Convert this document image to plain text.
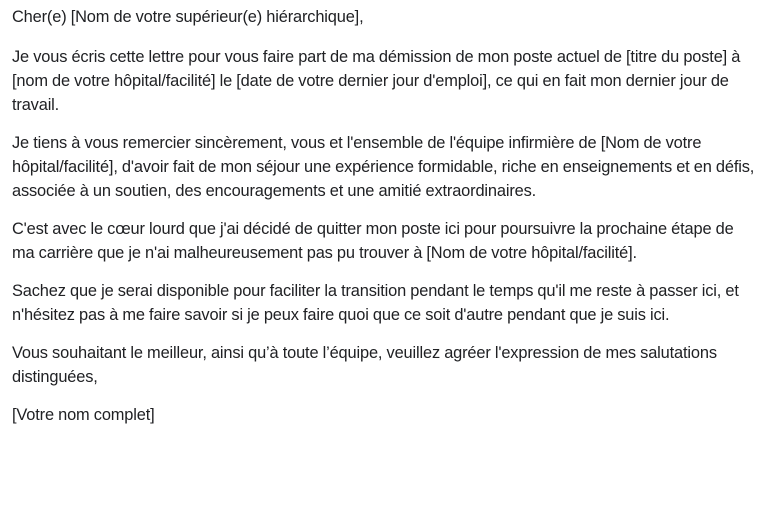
Cher(e) [Nom de votre supérieur(e) hiérarchique],

Je vous écris cette lettre pour vous faire part de ma démission de mon poste actuel de [titre du poste] à [nom de votre hôpital/facilité] le [date de votre dernier jour d'emploi], ce qui en fait mon dernier jour de travail.

Je tiens à vous remercier sincèrement, vous et l'ensemble de l'équipe infirmière de [Nom de votre hôpital/facilité], d'avoir fait de mon séjour une expérience formidable, riche en enseignements et en défis, associée à un soutien, des encouragements et une amitié extraordinaires.

C'est avec le cœur lourd que j'ai décidé de quitter mon poste ici pour poursuivre la prochaine étape de ma carrière que je n'ai malheureusement pas pu trouver à [Nom de votre hôpital/facilité].

Sachez que je serai disponible pour faciliter la transition pendant le temps qu'il me reste à passer ici, et n'hésitez pas à me faire savoir si je peux faire quoi que ce soit d'autre pendant que je suis ici.

Vous souhaitant le meilleur, ainsi qu’à toute l’équipe, veuillez agréer l'expression de mes salutations distinguées,

[Votre nom complet]
